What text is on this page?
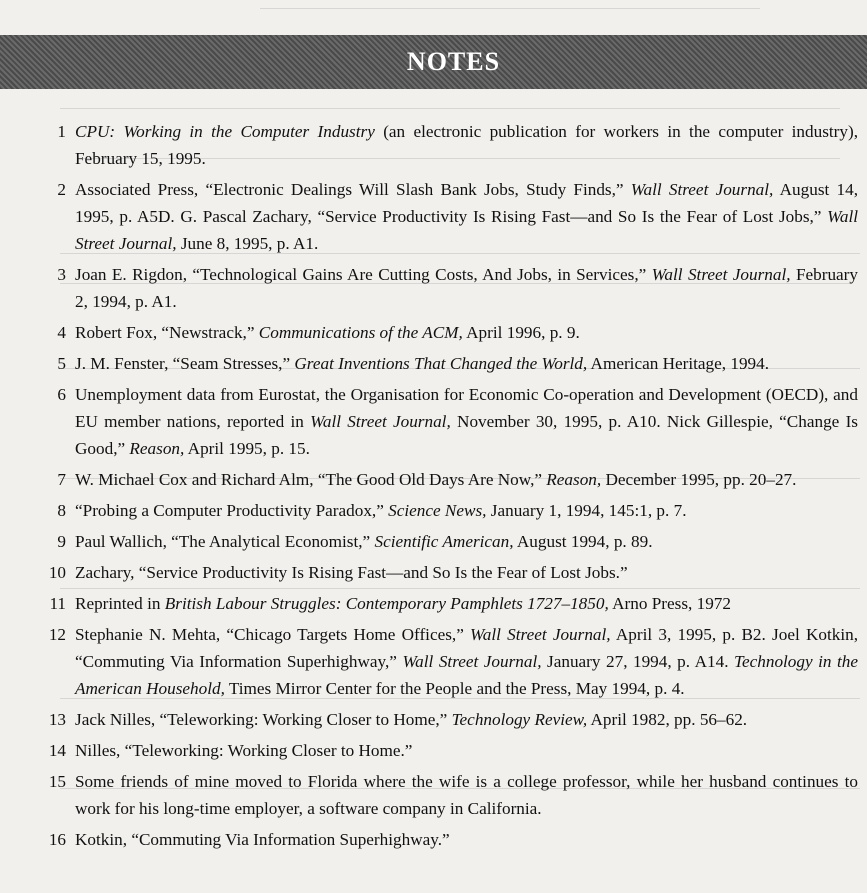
NOTES
1 CPU: Working in the Computer Industry (an electronic publication for workers in the computer industry), February 15, 1995.
2 Associated Press, “Electronic Dealings Will Slash Bank Jobs, Study Finds,” Wall Street Journal, August 14, 1995, p. A5D. G. Pascal Zachary, “Service Productivity Is Rising Fast—and So Is the Fear of Lost Jobs,” Wall Street Journal, June 8, 1995, p. A1.
3 Joan E. Rigdon, “Technological Gains Are Cutting Costs, And Jobs, in Services,” Wall Street Journal, February 2, 1994, p. A1.
4 Robert Fox, “Newstrack,” Communications of the ACM, April 1996, p. 9.
5 J. M. Fenster, “Seam Stresses,” Great Inventions That Changed the World, American Heritage, 1994.
6 Unemployment data from Eurostat, the Organisation for Economic Co-operation and Development (OECD), and EU member nations, reported in Wall Street Journal, November 30, 1995, p. A10. Nick Gillespie, “Change Is Good,” Reason, April 1995, p. 15.
7 W. Michael Cox and Richard Alm, “The Good Old Days Are Now,” Reason, December 1995, pp. 20–27.
8 “Probing a Computer Productivity Paradox,” Science News, January 1, 1994, 145:1, p. 7.
9 Paul Wallich, “The Analytical Economist,” Scientific American, August 1994, p. 89.
10 Zachary, “Service Productivity Is Rising Fast—and So Is the Fear of Lost Jobs.”
11 Reprinted in British Labour Struggles: Contemporary Pamphlets 1727–1850, Arno Press, 1972
12 Stephanie N. Mehta, “Chicago Targets Home Offices,” Wall Street Journal, April 3, 1995, p. B2. Joel Kotkin, “Commuting Via Information Superhighway,” Wall Street Journal, January 27, 1994, p. A14. Technology in the American Household, Times Mirror Center for the People and the Press, May 1994, p. 4.
13 Jack Nilles, “Teleworking: Working Closer to Home,” Technology Review, April 1982, pp. 56–62.
14 Nilles, “Teleworking: Working Closer to Home.”
15 Some friends of mine moved to Florida where the wife is a college professor, while her husband continues to work for his long-time employer, a software company in California.
16 Kotkin, “Commuting Via Information Superhighway.”
